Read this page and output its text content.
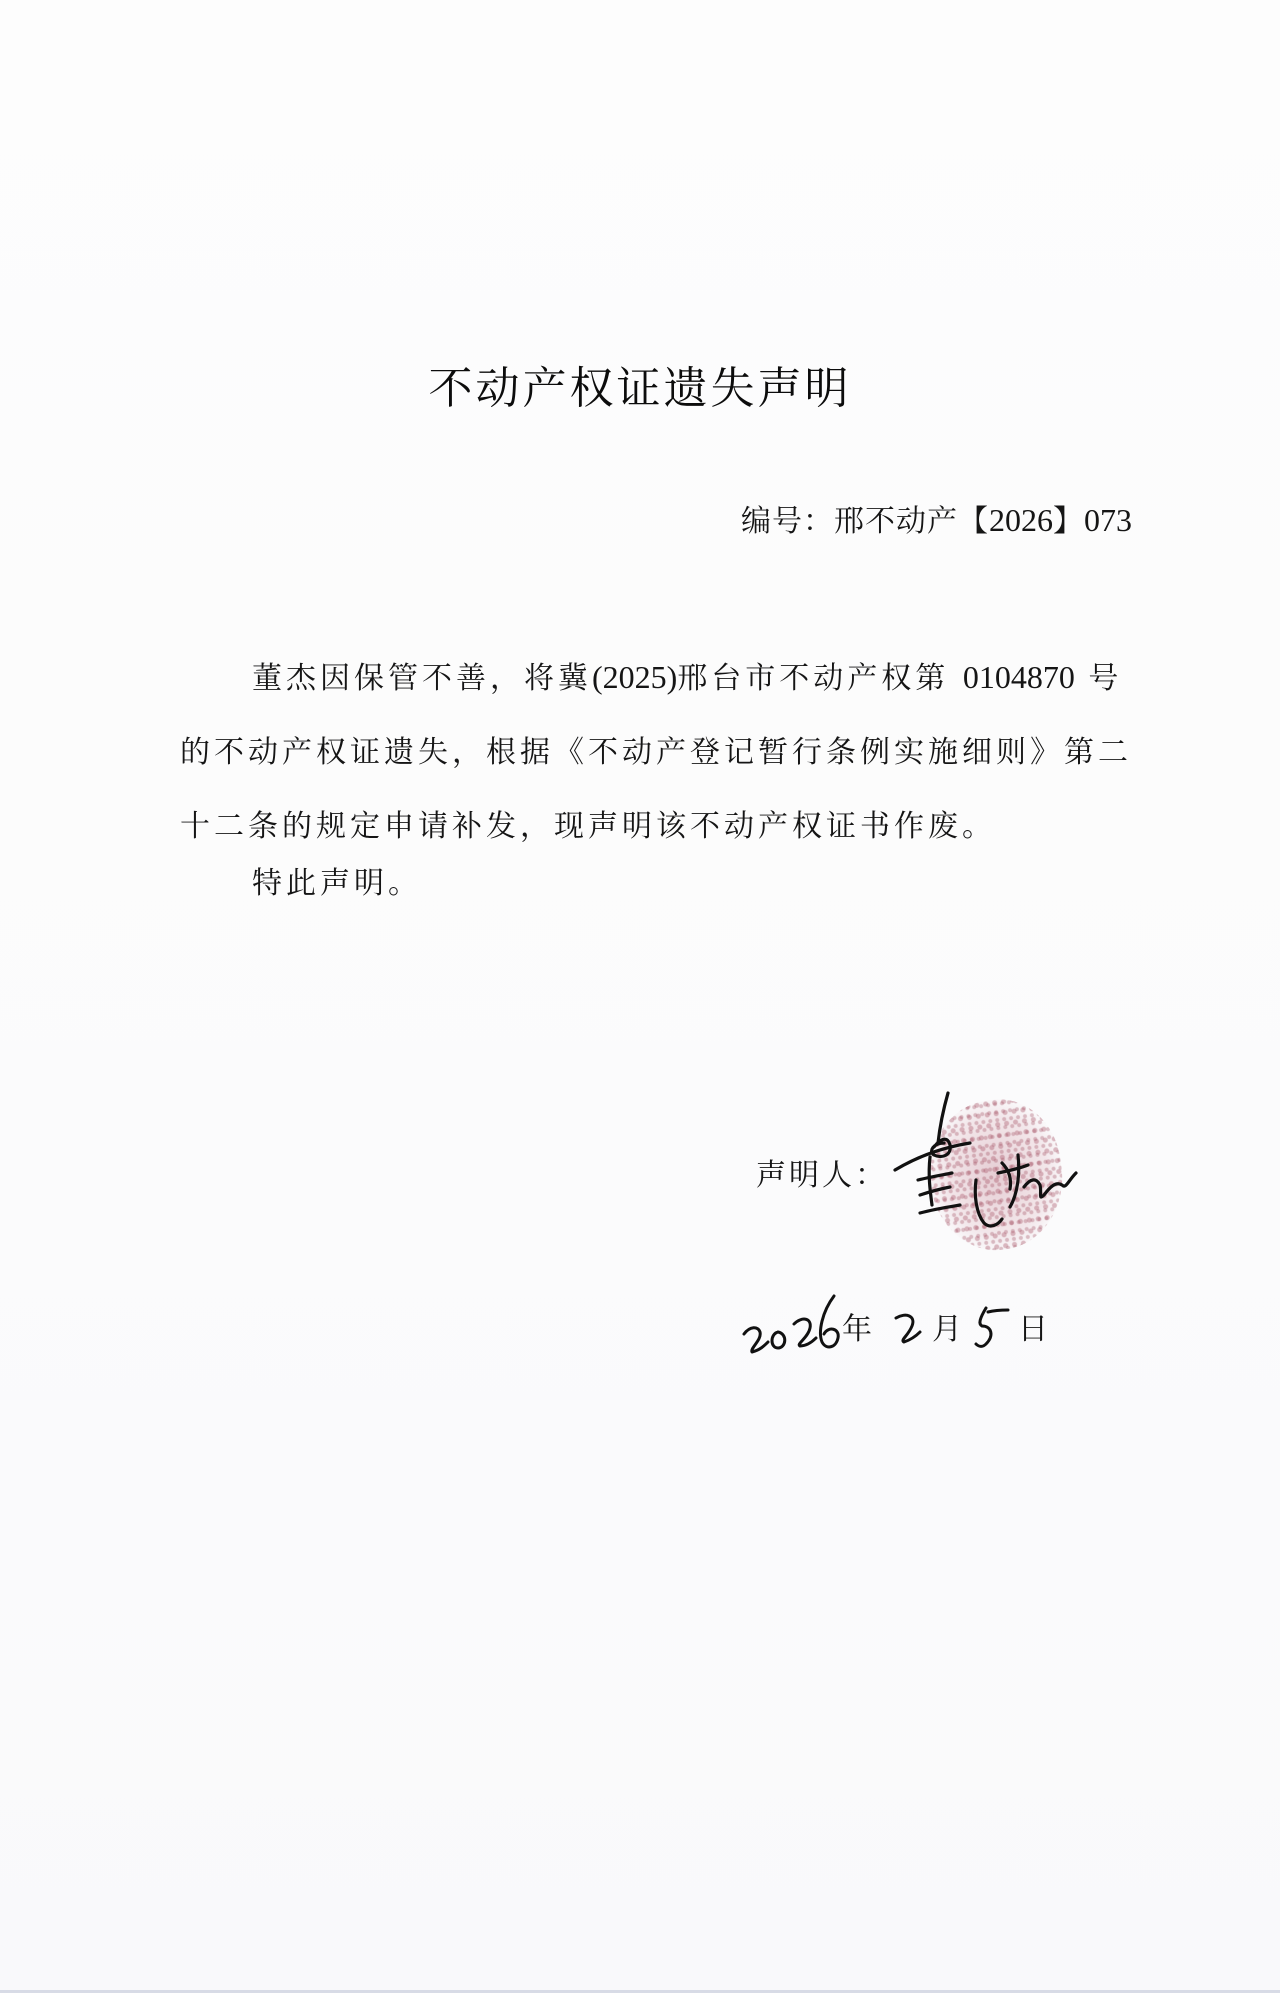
不动产权证遗失声明
编号：邢不动产【2026】073

董杰因保管不善，将冀(2025)邢台市不动产权第 0104870 号的不动产权证遗失，根据《不动产登记暂行条例实施细则》第二十二条的规定申请补发，现声明该不动产权证书作废。

特此声明。
声明人：
年 月 日
